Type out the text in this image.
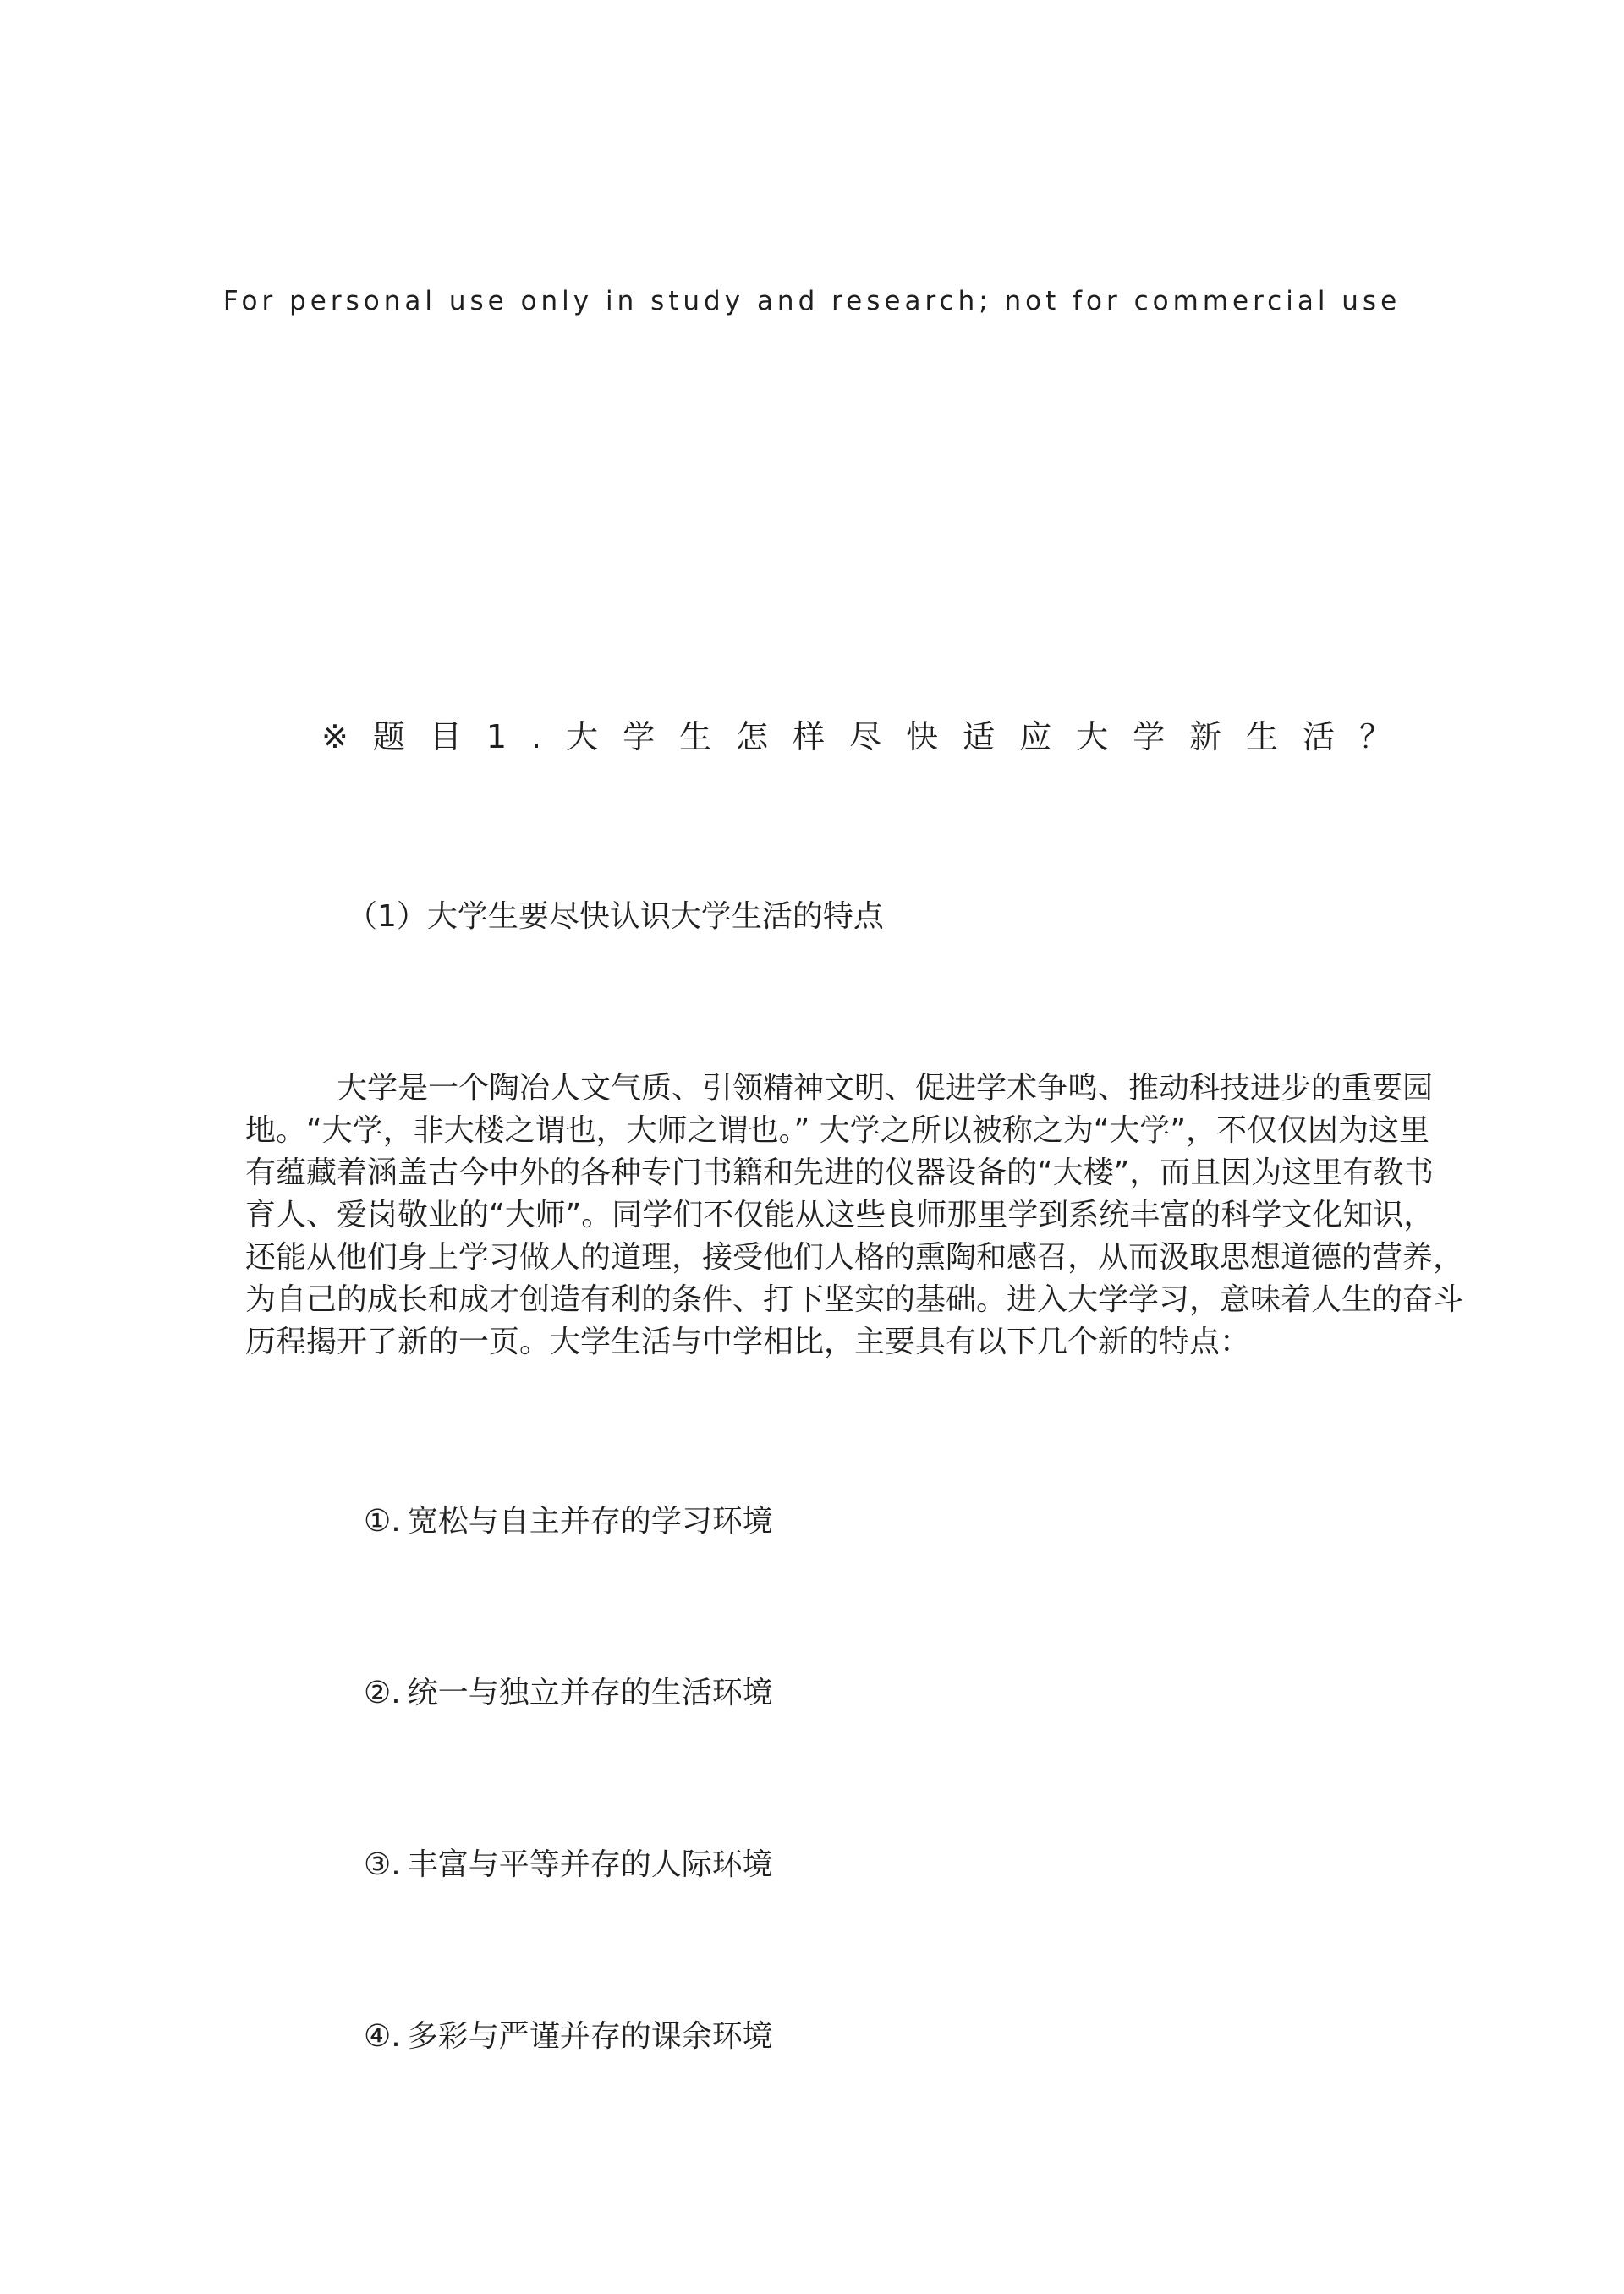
For personal use only in study and research; not for commercial use
※题目1.大学生怎样尽快适应大学新生活？
（1）大学生要尽快认识大学生活的特点
大学是一个陶冶人文气质、引领精神文明、促进学术争鸣、推动科技进步的重要园
地。“大学，非大楼之谓也，大师之谓也。” 大学之所以被称之为“大学”，不仅仅因为这里
有蕴藏着涵盖古今中外的各种专门书籍和先进的仪器设备的“大楼”，而且因为这里有教书
育人、爱岗敬业的“大师”。同学们不仅能从这些良师那里学到系统丰富的科学文化知识，
还能从他们身上学习做人的道理，接受他们人格的熏陶和感召，从而汲取思想道德的营养，
为自己的成长和成才创造有利的条件、打下坚实的基础。进入大学学习，意味着人生的奋斗
历程揭开了新的一页。大学生活与中学相比，主要具有以下几个新的特点：
①. 宽松与自主并存的学习环境
②. 统一与独立并存的生活环境
③. 丰富与平等并存的人际环境
④. 多彩与严谨并存的课余环境
